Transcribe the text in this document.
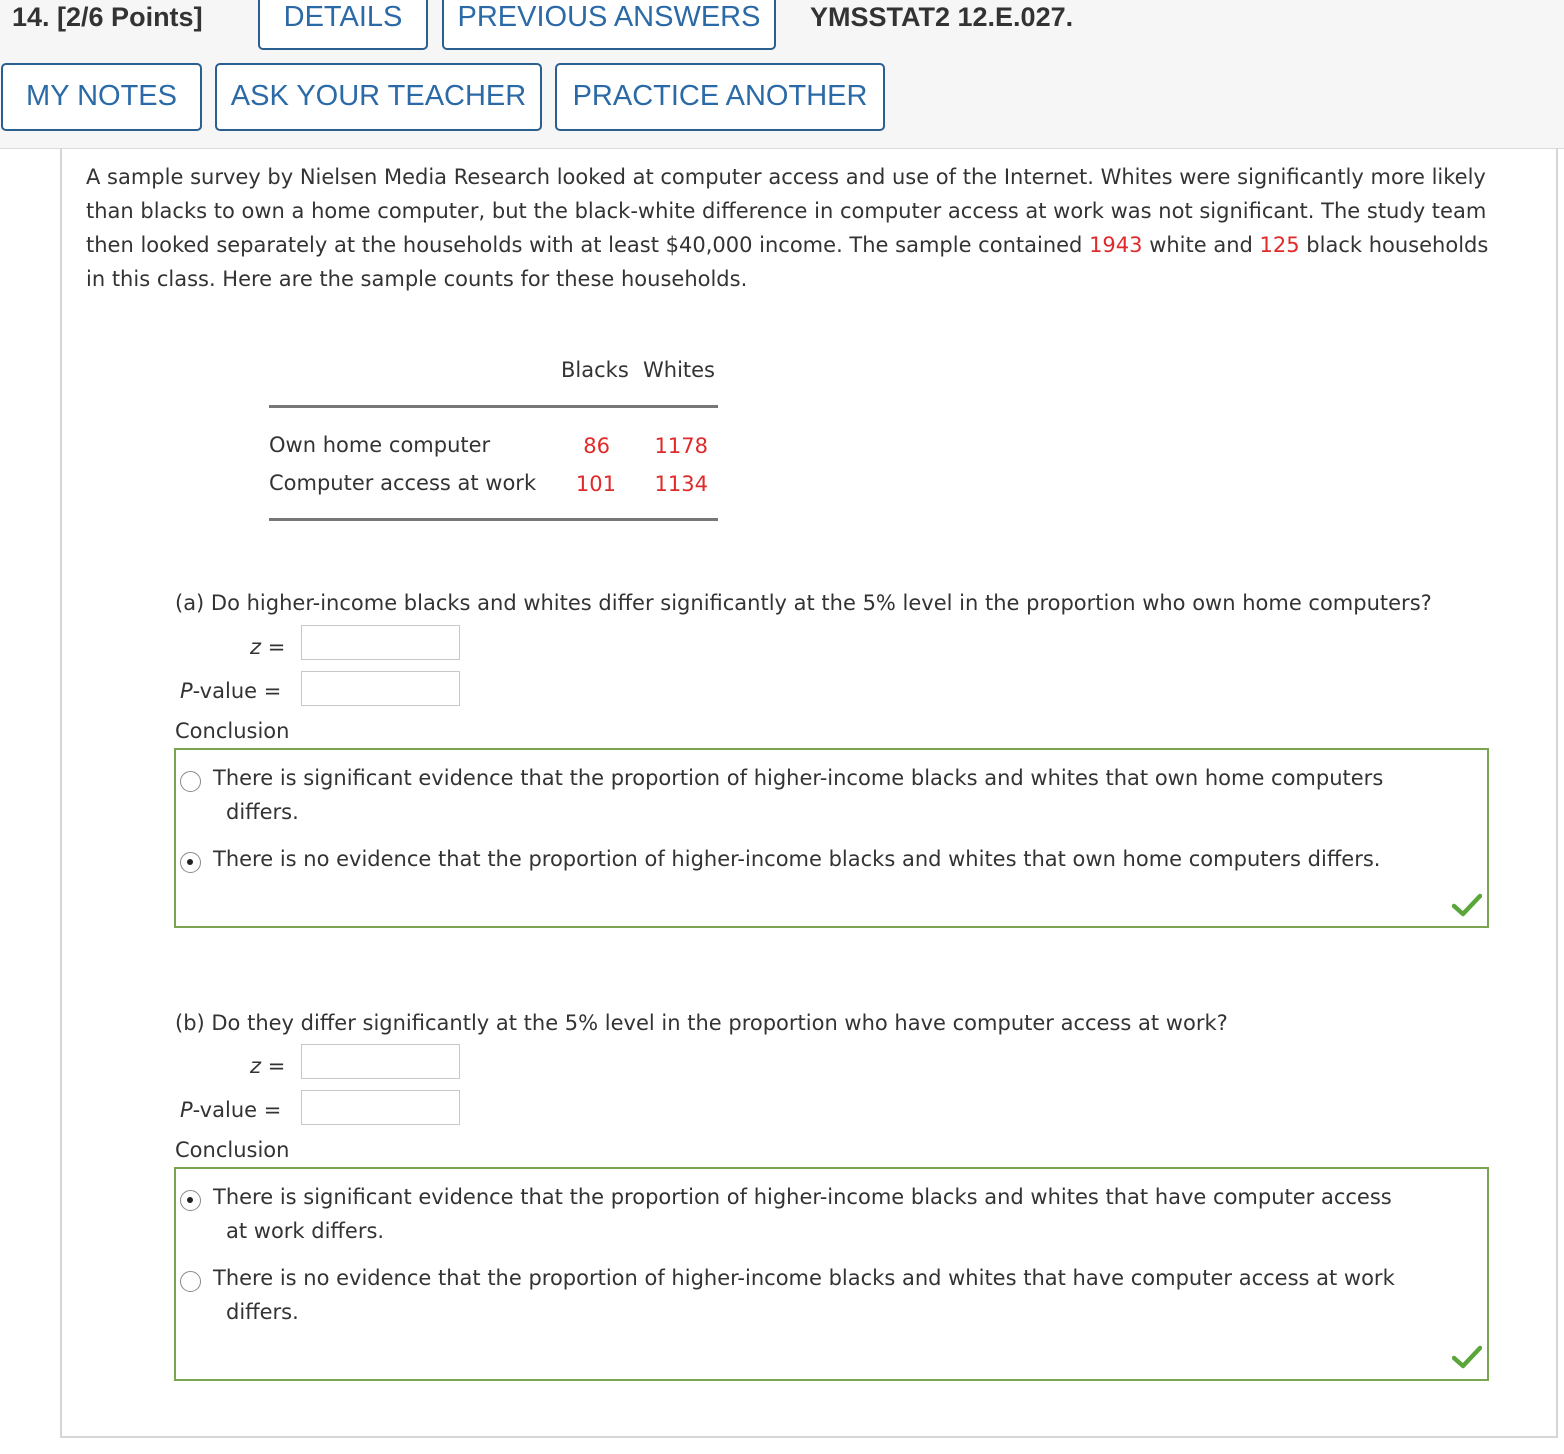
14. [2/6 Points]	DETAILS	PREVIOUS ANSWERS	YMSSTAT2 12.E.027.
MY NOTES	ASK YOUR TEACHER	PRACTICE ANOTHER
A sample survey by Nielsen Media Research looked at computer access and use of the Internet. Whites were significantly more likely than blacks to own a home computer, but the black-white difference in computer access at work was not significant. The study team then looked separately at the households with at least $40,000 income. The sample contained 1943 white and 125 black households in this class. Here are the sample counts for these households.
Blacks Whites
Own home computer	86	1178
Computer access at work	101	1134
(a) Do higher-income blacks and whites differ significantly at the 5% level in the proportion who own home computers?
z =
P-value =
Conclusion
There is significant evidence that the proportion of higher-income blacks and whites that own home computers
differs.
There is no evidence that the proportion of higher-income blacks and whites that own home computers differs.
(b) Do they differ significantly at the 5% level in the proportion who have computer access at work?
z =
P-value =
Conclusion
There is significant evidence that the proportion of higher-income blacks and whites that have computer access
at work differs.
There is no evidence that the proportion of higher-income blacks and whites that have computer access at work
differs.
